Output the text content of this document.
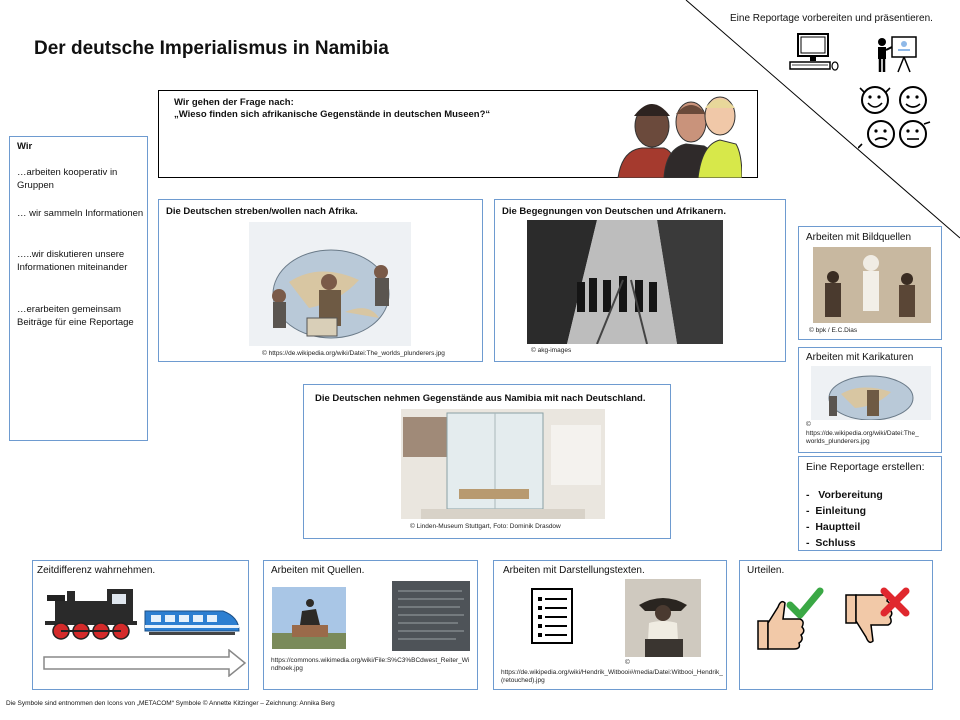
Der deutsche Imperialismus in Namibia
Eine Reportage vorbereiten und präsentieren.
Wir gehen der Frage nach:
„Wieso finden sich afrikanische Gegenstände in deutschen Museen?“
Wir
…arbeiten kooperativ in Gruppen
… wir sammeln Informationen
…..wir diskutieren unsere Informationen miteinander
…erarbeiten gemeinsam Beiträge für eine Reportage
Die Deutschen streben/wollen nach Afrika.
© https://de.wikipedia.org/wiki/Datei:The_worlds_plunderers.jpg
Die Begegnungen von Deutschen und Afrikanern.
© akg-images
Die Deutschen nehmen Gegenstände aus Namibia mit nach Deutschland.
© Linden-Museum Stuttgart, Foto: Dominik Drasdow
Arbeiten mit Bildquellen
© bpk / E.C.Dias
Arbeiten mit Karikaturen
©
https://de.wikipedia.org/wiki/Datei:The_
worlds_plunderers.jpg
Eine Reportage erstellen:
-   Vorbereitung
-  Einleitung
-  Hauptteil
-  Schluss
Zeitdifferenz wahrnehmen.	Arbeiten mit Quellen.
https://commons.wikimedia.org/wiki/File:S%C3%BCdwest_Reiter_Windhoek.jpg
Arbeiten mit Darstellungstexten.
©
https://de.wikipedia.org/wiki/Hendrik_Witbooi#/media/Datei:Witbooi_Hendrik_(retouched).jpg
Urteilen.
Die Symbole sind entnommen den Icons von „METACOM“ Symbole © Annette Kitzinger – Zeichnung: Annika Berg
